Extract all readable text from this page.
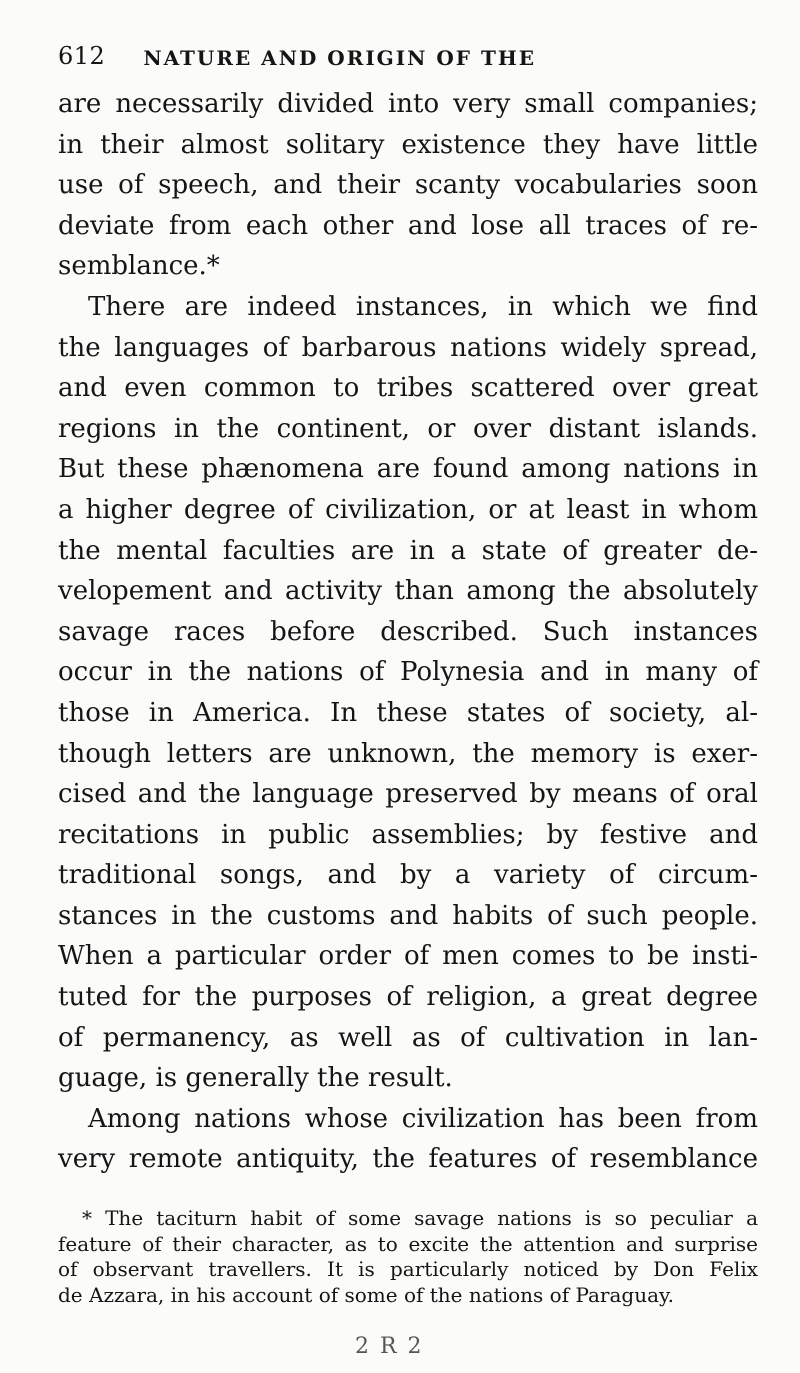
612 NATURE AND ORIGIN OF THE
are necessarily divided into very small companies;
in their almost solitary existence they have little
use of speech, and their scanty vocabularies soon
deviate from each other and lose all traces of re-
semblance.*
There are indeed instances, in which we find
the languages of barbarous nations widely spread,
and even common to tribes scattered over great
regions in the continent, or over distant islands.
But these phænomena are found among nations in
a higher degree of civilization, or at least in whom
the mental faculties are in a state of greater de-
velopement and activity than among the absolutely
savage races before described. Such instances
occur in the nations of Polynesia and in many of
those in America. In these states of society, al-
though letters are unknown, the memory is exer-
cised and the language preserved by means of oral
recitations in public assemblies; by festive and
traditional songs, and by a variety of circum-
stances in the customs and habits of such people.
When a particular order of men comes to be insti-
tuted for the purposes of religion, a great degree
of permanency, as well as of cultivation in lan-
guage, is generally the result.
Among nations whose civilization has been from
very remote antiquity, the features of resemblance
* The taciturn habit of some savage nations is so peculiar a
feature of their character, as to excite the attention and surprise
of observant travellers. It is particularly noticed by Don Felix
de Azzara, in his account of some of the nations of Paraguay.
2 R 2
